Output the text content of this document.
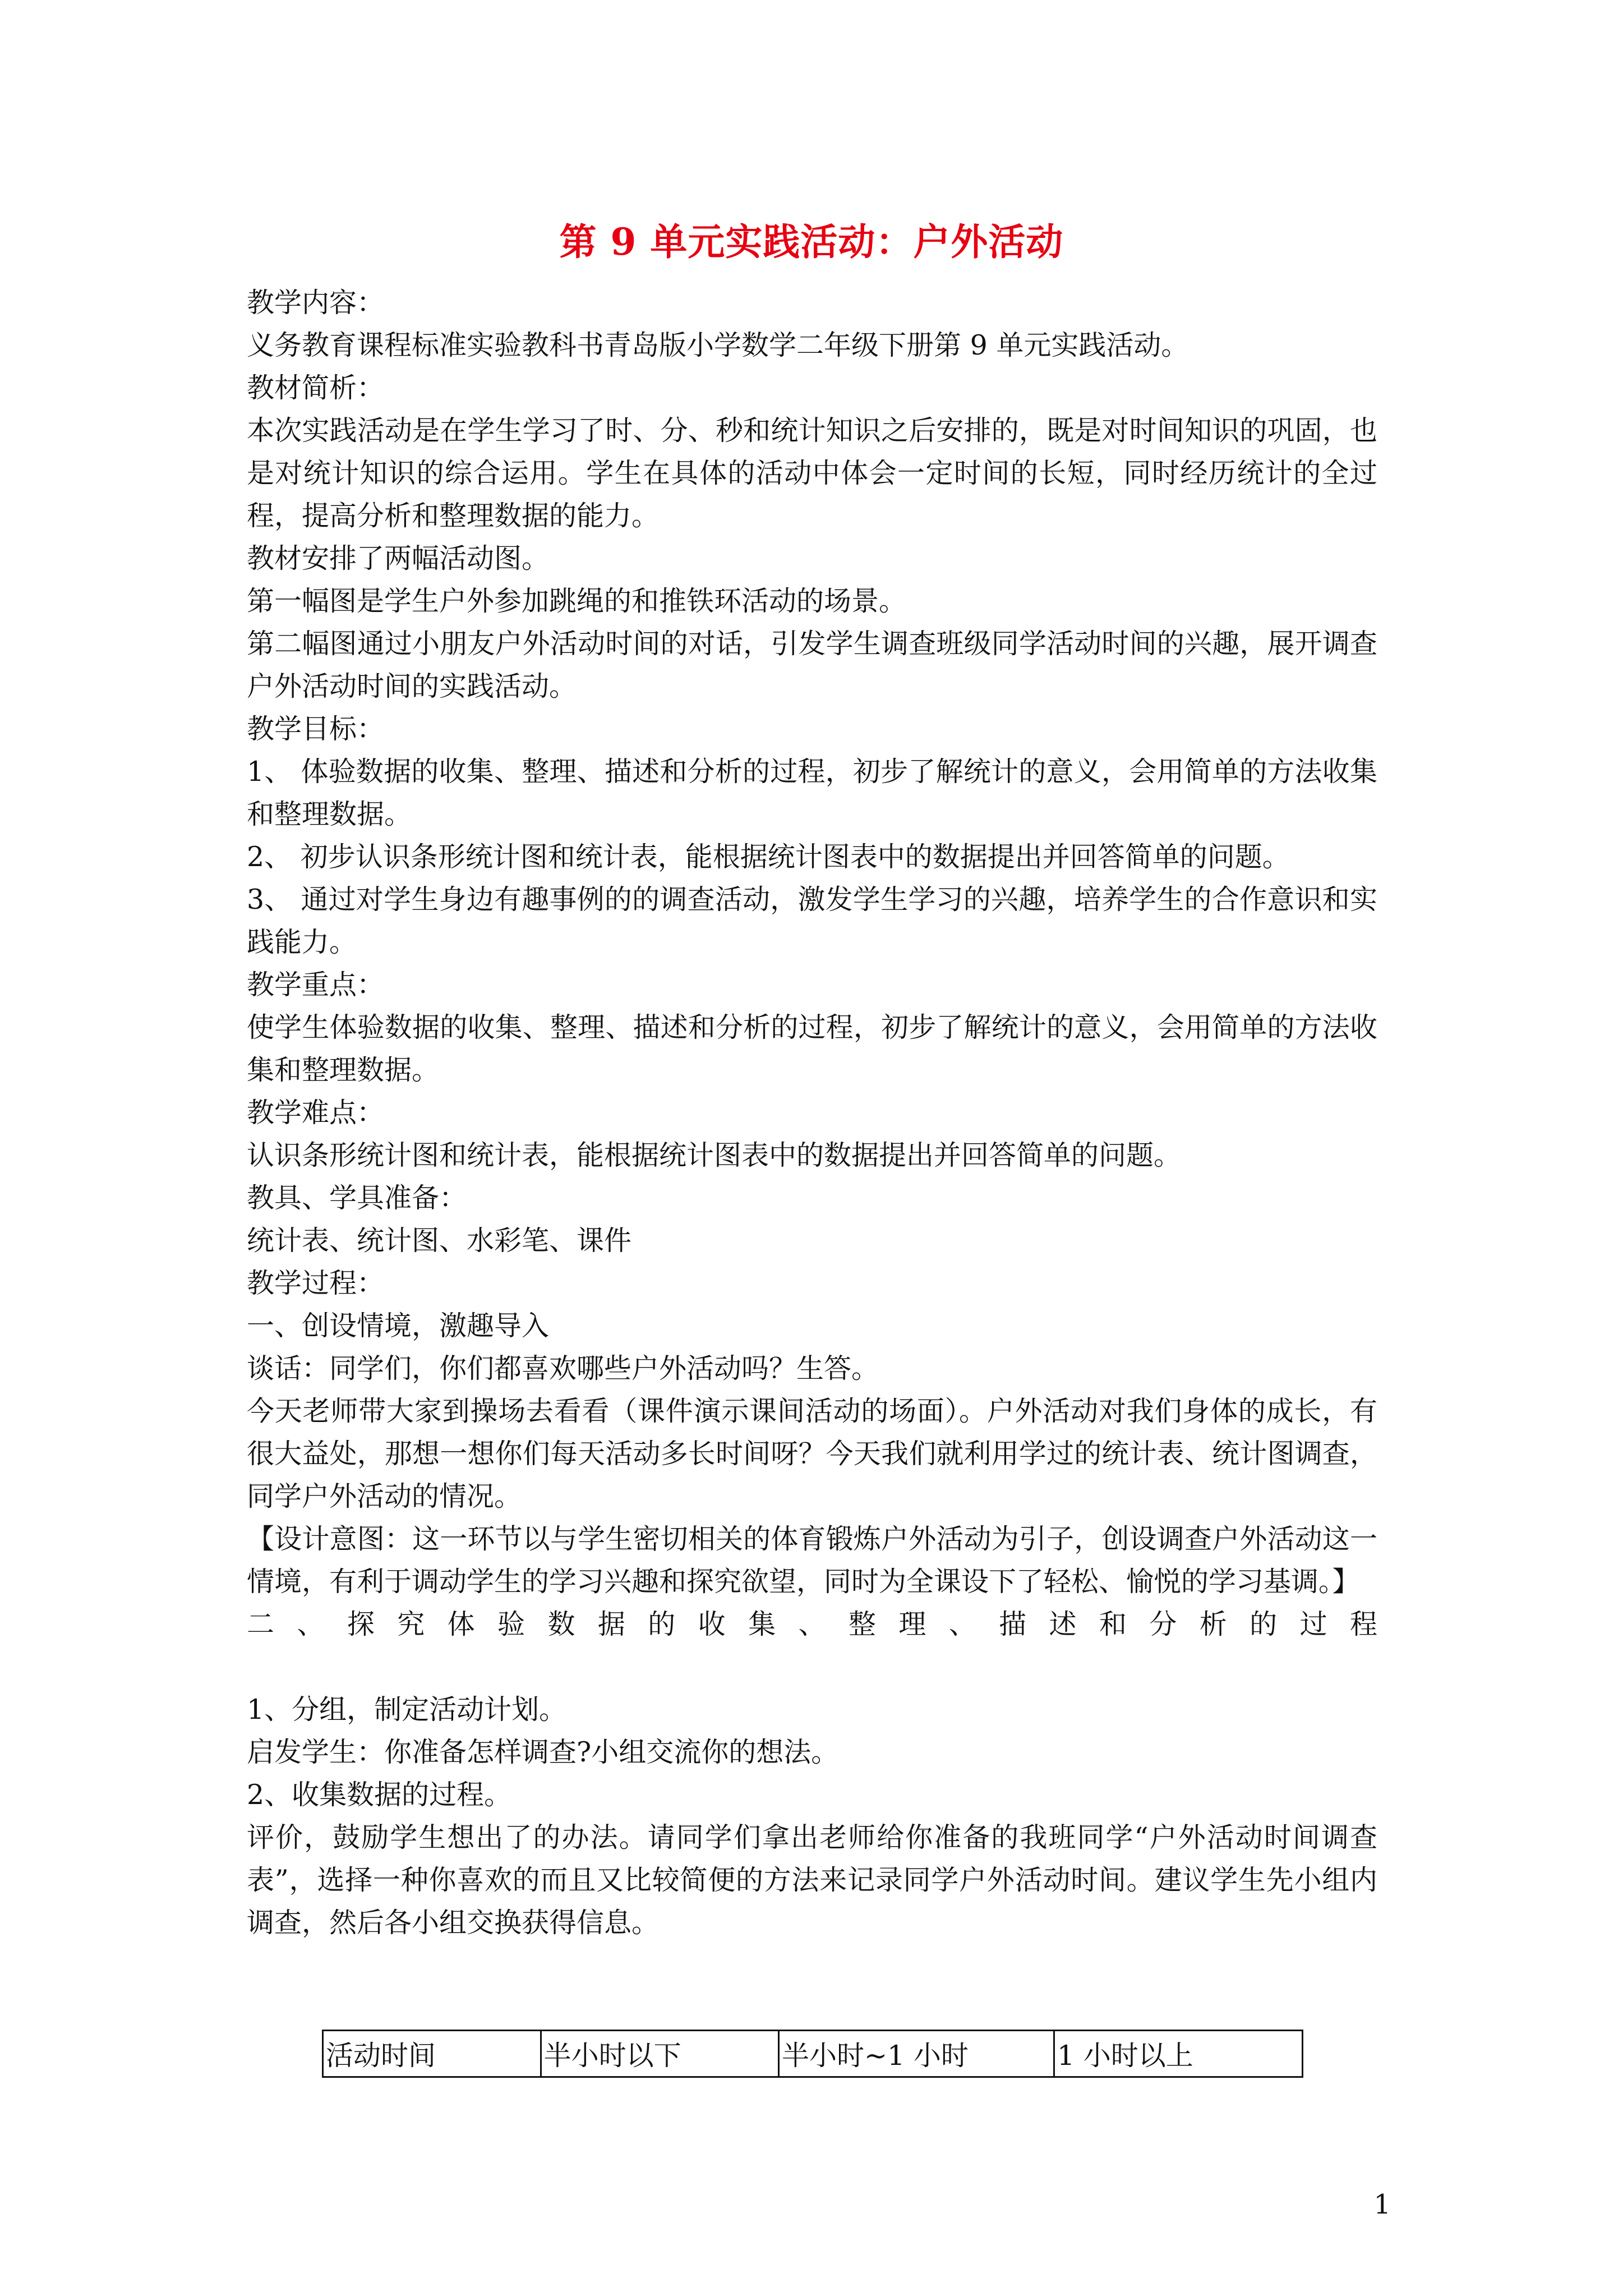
第 9 单元实践活动：户外活动

教学内容：

义务教育课程标准实验教科书青岛版小学数学二年级下册第 9 单元实践活动。

教材简析：

本次实践活动是在学生学习了时、分、秒和统计知识之后安排的，既是对时间知识的巩固，也是对统计知识的综合运用。学生在具体的活动中体会一定时间的长短，同时经历统计的全过程，提高分析和整理数据的能力。

教材安排了两幅活动图。

第一幅图是学生户外参加跳绳的和推铁环活动的场景。

第二幅图通过小朋友户外活动时间的对话，引发学生调查班级同学活动时间的兴趣，展开调查户外活动时间的实践活动。

教学目标：

1、 体验数据的收集、整理、描述和分析的过程，初步了解统计的意义，会用简单的方法收集和整理数据。

2、 初步认识条形统计图和统计表，能根据统计图表中的数据提出并回答简单的问题。

3、 通过对学生身边有趣事例的的调查活动，激发学生学习的兴趣，培养学生的合作意识和实践能力。

教学重点：

使学生体验数据的收集、整理、描述和分析的过程，初步了解统计的意义，会用简单的方法收集和整理数据。

教学难点：

认识条形统计图和统计表，能根据统计图表中的数据提出并回答简单的问题。

教具、学具准备：

统计表、统计图、水彩笔、课件

教学过程：

一、创设情境，激趣导入

谈话：同学们，你们都喜欢哪些户外活动吗？生答。

今天老师带大家到操场去看看（课件演示课间活动的场面）。户外活动对我们身体的成长，有很大益处，那想一想你们每天活动多长时间呀？今天我们就利用学过的统计表、统计图调查，同学户外活动的情况。

【设计意图：这一环节以与学生密切相关的体育锻炼户外活动为引子，创设调查户外活动这一情境，有利于调动学生的学习兴趣和探究欲望，同时为全课设下了轻松、愉悦的学习基调。】

二 、 探 究 体 验 数 据 的 收 集 、 整 理 、 描 述 和 分 析 的 过 程

1、分组，制定活动计划。

启发学生：你准备怎样调查?小组交流你的想法。

2、收集数据的过程。

评价，鼓励学生想出了的办法。请同学们拿出老师给你准备的我班同学“户外活动时间调查表”，选择一种你喜欢的而且又比较简便的方法来记录同学户外活动时间。建议学生先小组内调查，然后各小组交换获得信息。

活动时间	半小时以下	半小时~1 小时	1 小时以上
1
